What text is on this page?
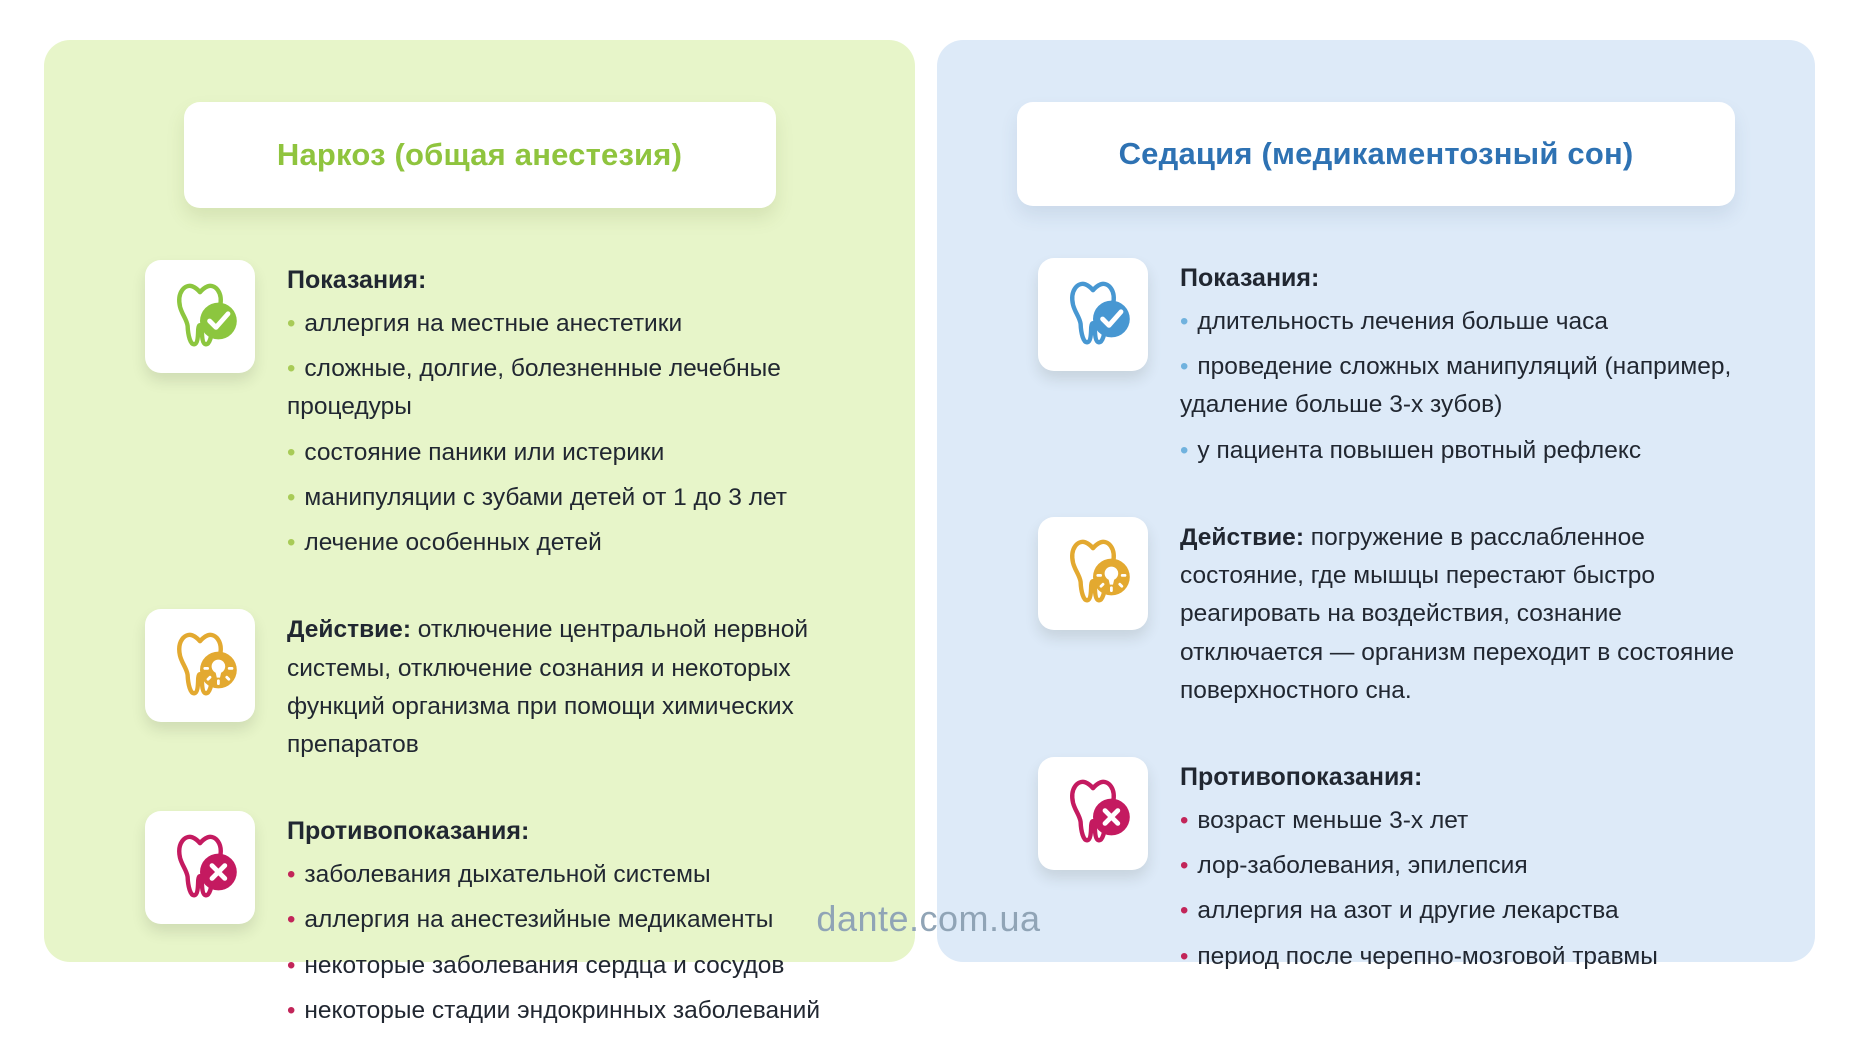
Наркоз (общая анестезия)
Показания:

• аллергия на местные анестетики

• сложные, долгие, болезненные лечебные процедуры

• состояние паники или истерики

• манипуляции с зубами детей от 1 до 3 лет

• лечение особенных детей

Действие: отключение центральной нервной системы, отключение сознания и некоторых функций организма при помощи химических препаратов

Противопоказания:

• заболевания дыхательной системы

• аллергия на анестезийные медикаменты

• некоторые заболевания сердца и сосудов

• некоторые стадии эндокринных заболеваний

Седация (медикаментозный сон)
Показания:

• длительность лечения больше часа

• проведение сложных манипуляций (например, удаление больше 3-х зубов)

• у пациента повышен рвотный рефлекс

Действие: погружение в расслабленное состояние, где мышцы перестают быстро реагировать на воздействия, сознание отключается — организм переходит в состояние поверхностного сна.

Противопоказания:

• возраст меньше 3-х лет

• лор-заболевания, эпилепсия

• аллергия на азот и другие лекарства

• период после черепно-мозговой травмы

dante.com.ua
